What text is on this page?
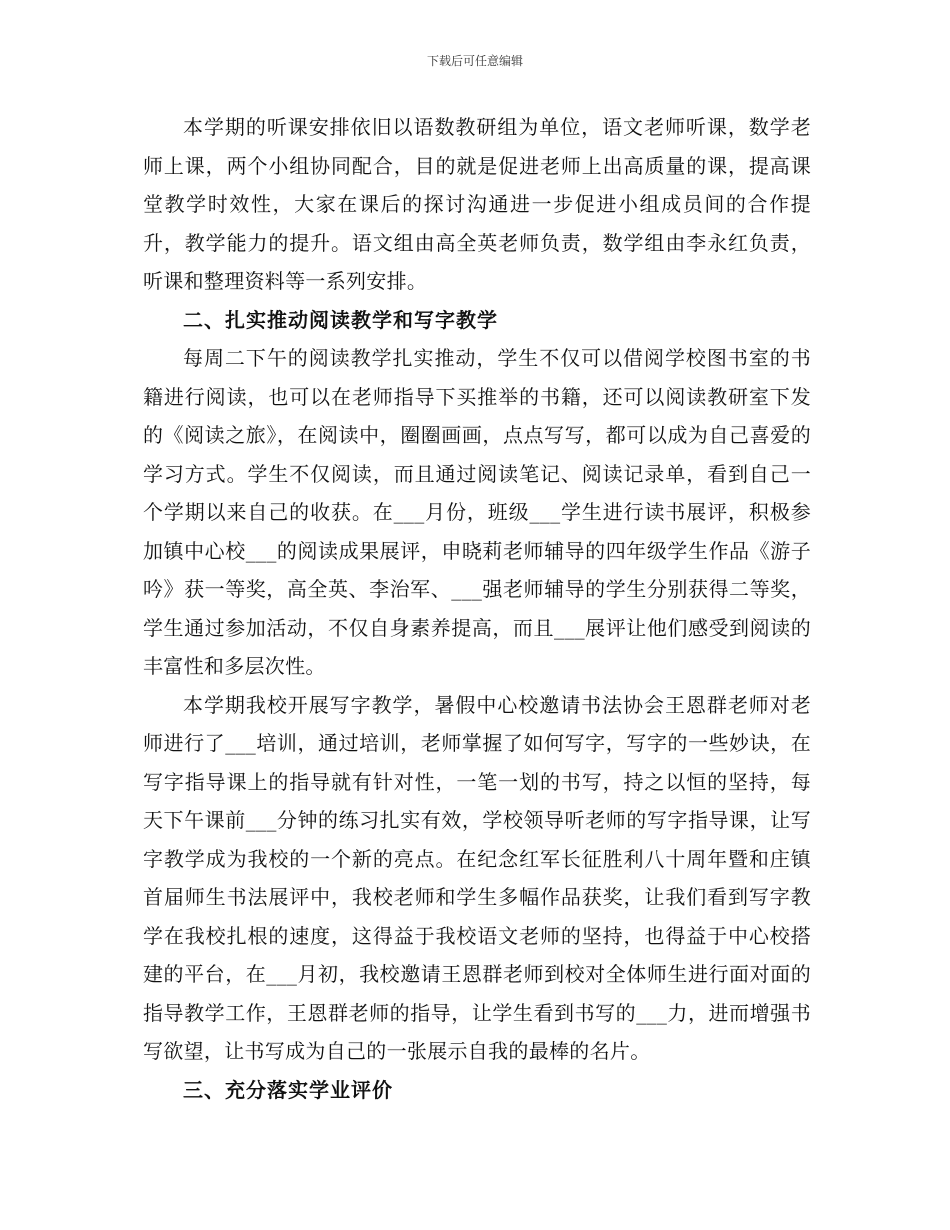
下载后可任意编辑

本学期的听课安排依旧以语数教研组为单位，语文老师听课，数学老师上课，两个小组协同配合，目的就是促进老师上出高质量的课，提高课堂教学时效性，大家在课后的探讨沟通进一步促进小组成员间的合作提升，教学能力的提升。语文组由高全英老师负责，数学组由李永红负责，听课和整理资料等一系列安排。

二、扎实推动阅读教学和写字教学

每周二下午的阅读教学扎实推动，学生不仅可以借阅学校图书室的书籍进行阅读，也可以在老师指导下买推举的书籍，还可以阅读教研室下发的《阅读之旅》，在阅读中，圈圈画画，点点写写，都可以成为自己喜爱的学习方式。学生不仅阅读，而且通过阅读笔记、阅读记录单，看到自己一个学期以来自己的收获。在___月份，班级___学生进行读书展评，积极参加镇中心校___的阅读成果展评，申晓莉老师辅导的四年级学生作品《游子吟》获一等奖，高全英、李治军、___强老师辅导的学生分别获得二等奖，学生通过参加活动，不仅自身素养提高，而且___展评让他们感受到阅读的丰富性和多层次性。

本学期我校开展写字教学，暑假中心校邀请书法协会王恩群老师对老师进行了___培训，通过培训，老师掌握了如何写字，写字的一些妙诀，在写字指导课上的指导就有针对性，一笔一划的书写，持之以恒的坚持，每天下午课前___分钟的练习扎实有效，学校领导听老师的写字指导课，让写字教学成为我校的一个新的亮点。在纪念红军长征胜利八十周年暨和庄镇首届师生书法展评中，我校老师和学生多幅作品获奖，让我们看到写字教学在我校扎根的速度，这得益于我校语文老师的坚持，也得益于中心校搭建的平台，在___月初，我校邀请王恩群老师到校对全体师生进行面对面的指导教学工作，王恩群老师的指导，让学生看到书写的___力，进而增强书写欲望，让书写成为自己的一张展示自我的最棒的名片。

三、充分落实学业评价
